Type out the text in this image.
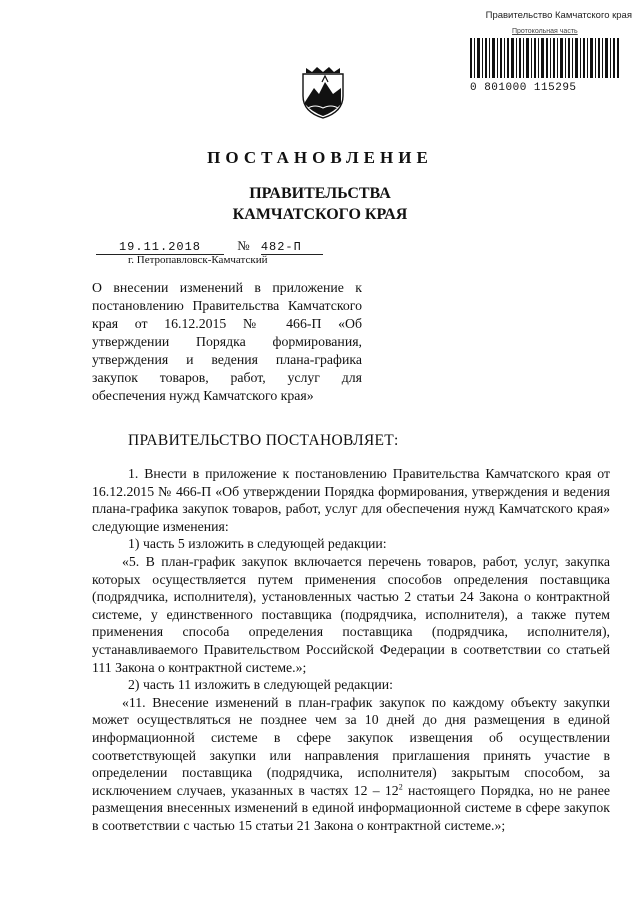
Правительство Камчатского края
Протокольная часть
0 801000 115295
ПОСТАНОВЛЕНИЕ
ПРАВИТЕЛЬСТВА
КАМЧАТСКОГО КРАЯ
19.11.2018	№ 482-П
г. Петропавловск-Камчатский
О внесении изменений в приложение к постановлению Правительства Камчатского края от 16.12.2015 № 466-П «Об утверждении Порядка формирования, утверждения и ведения плана-графика закупок товаров, работ, услуг для обеспечения нужд Камчатского края»
ПРАВИТЕЛЬСТВО ПОСТАНОВЛЯЕТ:

1. Внести в приложение к постановлению Правительства Камчатского края от 16.12.2015 № 466-П «Об утверждении Порядка формирования, утверждения и ведения плана-графика закупок товаров, работ, услуг для обеспечения нужд Камчатского края» следующие изменения:

1) часть 5 изложить в следующей редакции:

«5. В план-график закупок включается перечень товаров, работ, услуг, закупка которых осуществляется путем применения способов определения поставщика (подрядчика, исполнителя), установленных частью 2 статьи 24 Закона о контрактной системе, у единственного поставщика (подрядчика, исполнителя), а также путем применения способа определения поставщика (подрядчика, исполнителя), устанавливаемого Правительством Российской Федерации в соответствии со статьей 111 Закона о контрактной системе.»;

2) часть 11 изложить в следующей редакции:

«11. Внесение изменений в план-график закупок по каждому объекту закупки может осуществляться не позднее чем за 10 дней до дня размещения в единой информационной системе в сфере закупок извещения об осуществлении соответствующей закупки или направления приглашения принять участие в определении поставщика (подрядчика, исполнителя) закрытым способом, за исключением случаев, указанных в частях $12 - 12^2$ настоящего Порядка, но не ранее размещения внесенных изменений в единой информационной системе в сфере закупок в соответствии с частью 15 статьи 21 Закона о контрактной системе.»;
